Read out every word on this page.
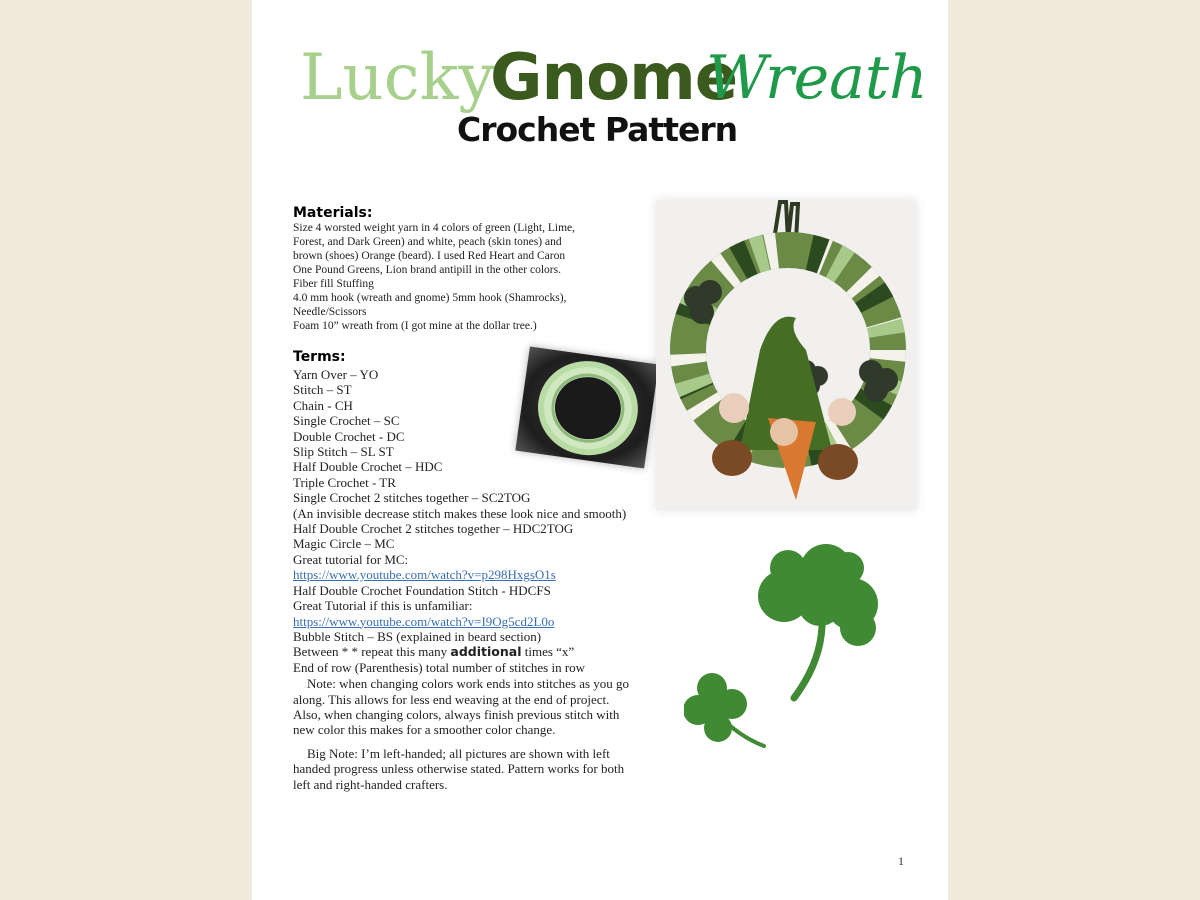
Lucky
Gnome
Wreath
Crochet Pattern
Materials:
Size 4 worsted weight yarn in 4 colors of green (Light, Lime,
Forest, and Dark Green) and white, peach (skin tones) and
brown (shoes) Orange (beard). I used Red Heart and Caron
One Pound Greens, Lion brand antipill in the other colors.
Fiber fill Stuffing
4.0 mm hook (wreath and gnome) 5mm hook (Shamrocks),
Needle/Scissors
Foam 10” wreath from (I got mine at the dollar tree.)
Terms:
Yarn Over – YO
Stitch – ST
Chain - CH
Single Crochet – SC
Double Crochet - DC
Slip Stitch – SL ST
Half Double Crochet – HDC
Triple Crochet - TR
Single Crochet 2 stitches together – SC2TOG
(An invisible decrease stitch makes these look nice and smooth)
Half Double Crochet 2 stitches together – HDC2TOG
Magic Circle – MC
Great tutorial for MC:
https://www.youtube.com/watch?v=p298HxgsO1s
Half Double Crochet Foundation Stitch - HDCFS
Great Tutorial if this is unfamiliar:
https://www.youtube.com/watch?v=I9Og5cd2L0o
Bubble Stitch – BS (explained in beard section)
Between * * repeat this many additional times “x”
End of row (Parenthesis) total number of stitches in row
Note: when changing colors work ends into stitches as you go along. This allows for less end weaving at the end of project. Also, when changing colors, always finish previous stitch with new color this makes for a smoother color change.
Big Note: I’m left-handed; all pictures are shown with left handed progress unless otherwise stated. Pattern works for both left and right-handed crafters.
1
